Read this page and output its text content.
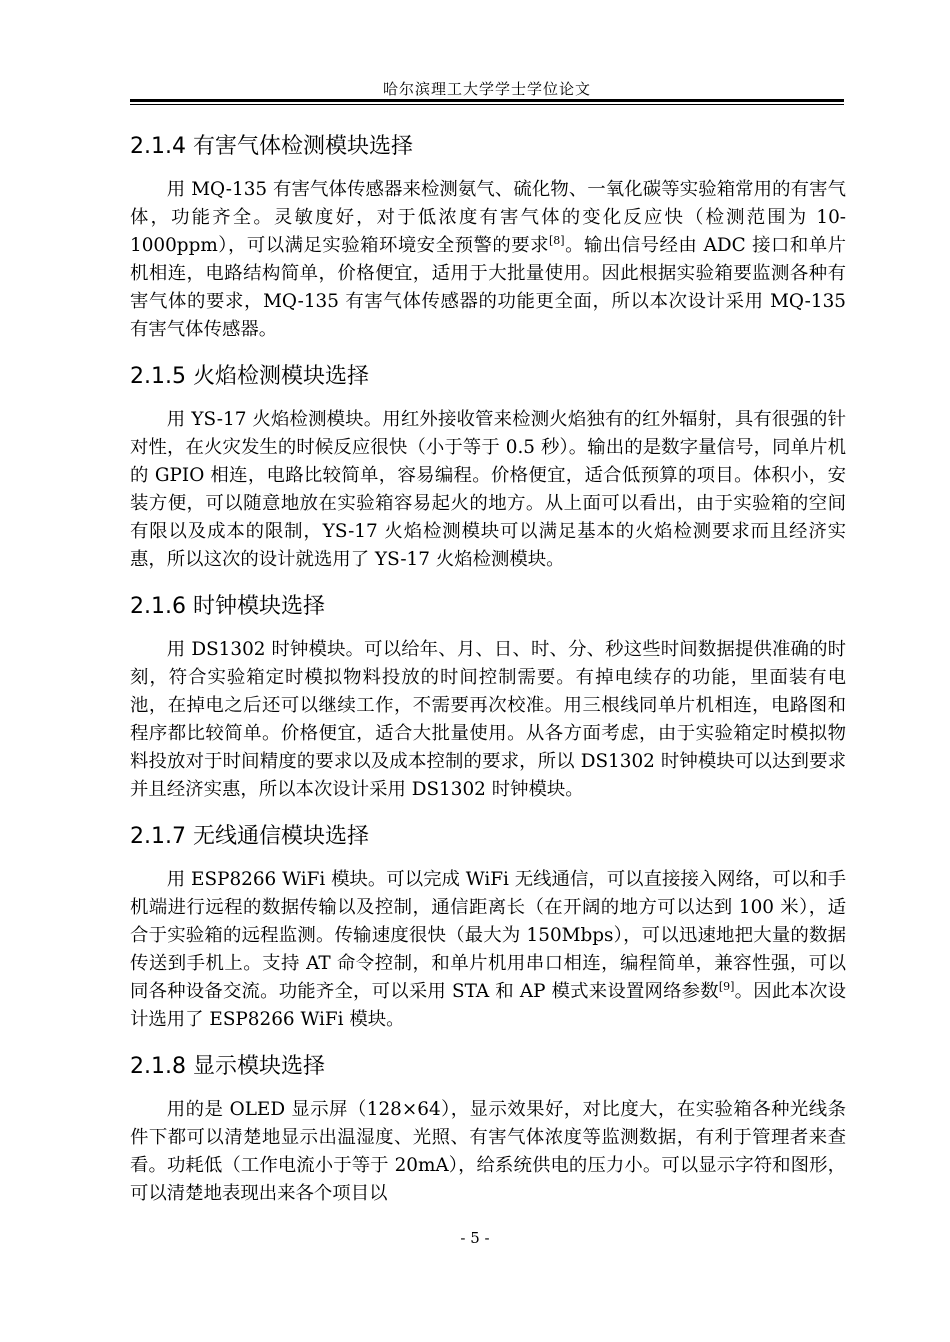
哈尔滨理工大学学士学位论文
2.1.4 有害气体检测模块选择

用 MQ-135 有害气体传感器来检测氨气、硫化物、一氧化碳等实验箱常用的有害气体，功能齐全。灵敏度好，对于低浓度有害气体的变化反应快（检测范围为 10-1000ppm），可以满足实验箱环境安全预警的要求[8]。输出信号经由 ADC 接口和单片机相连，电路结构简单，价格便宜，适用于大批量使用。因此根据实验箱要监测各种有害气体的要求，MQ-135 有害气体传感器的功能更全面，所以本次设计采用 MQ-135 有害气体传感器。

2.1.5 火焰检测模块选择

用 YS-17 火焰检测模块。用红外接收管来检测火焰独有的红外辐射，具有很强的针对性，在火灾发生的时候反应很快（小于等于 0.5 秒）。输出的是数字量信号，同单片机的 GPIO 相连，电路比较简单，容易编程。价格便宜，适合低预算的项目。体积小，安装方便，可以随意地放在实验箱容易起火的地方。从上面可以看出，由于实验箱的空间有限以及成本的限制，YS-17 火焰检测模块可以满足基本的火焰检测要求而且经济实惠，所以这次的设计就选用了 YS-17 火焰检测模块。

2.1.6 时钟模块选择

用 DS1302 时钟模块。可以给年、月、日、时、分、秒这些时间数据提供准确的时刻，符合实验箱定时模拟物料投放的时间控制需要。有掉电续存的功能，里面装有电池，在掉电之后还可以继续工作，不需要再次校准。用三根线同单片机相连，电路图和程序都比较简单。价格便宜，适合大批量使用。从各方面考虑，由于实验箱定时模拟物料投放对于时间精度的要求以及成本控制的要求，所以 DS1302 时钟模块可以达到要求并且经济实惠，所以本次设计采用 DS1302 时钟模块。

2.1.7 无线通信模块选择

用 ESP8266 WiFi 模块。可以完成 WiFi 无线通信，可以直接接入网络，可以和手机端进行远程的数据传输以及控制，通信距离长（在开阔的地方可以达到 100 米），适合于实验箱的远程监测。传输速度很快（最大为 150Mbps），可以迅速地把大量的数据传送到手机上。支持 AT 命令控制，和单片机用串口相连，编程简单，兼容性强，可以同各种设备交流。功能齐全，可以采用 STA 和 AP 模式来设置网络参数[9]。因此本次设计选用了 ESP8266 WiFi 模块。

2.1.8 显示模块选择

用的是 OLED 显示屏（128×64），显示效果好，对比度大，在实验箱各种光线条件下都可以清楚地显示出温湿度、光照、有害气体浓度等监测数据，有利于管理者来查看。功耗低（工作电流小于等于 20mA），给系统供电的压力小。可以显示字符和图形，可以清楚地表现出来各个项目以

- 5 -
